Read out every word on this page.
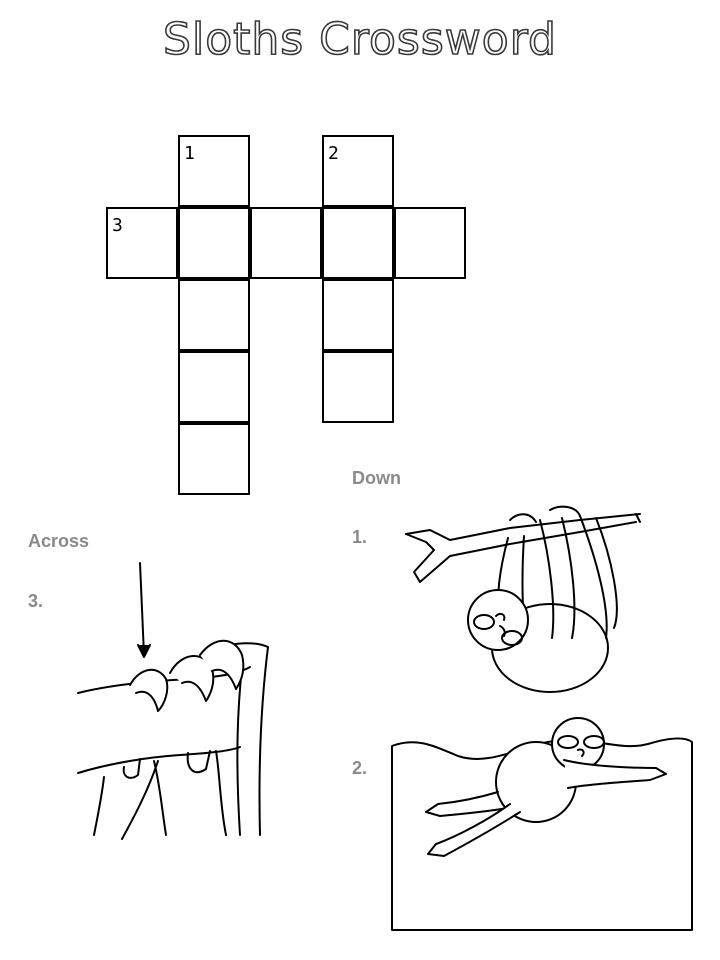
Sloths Crossword
1	2
3
Down
Across	1.
3.
2.
